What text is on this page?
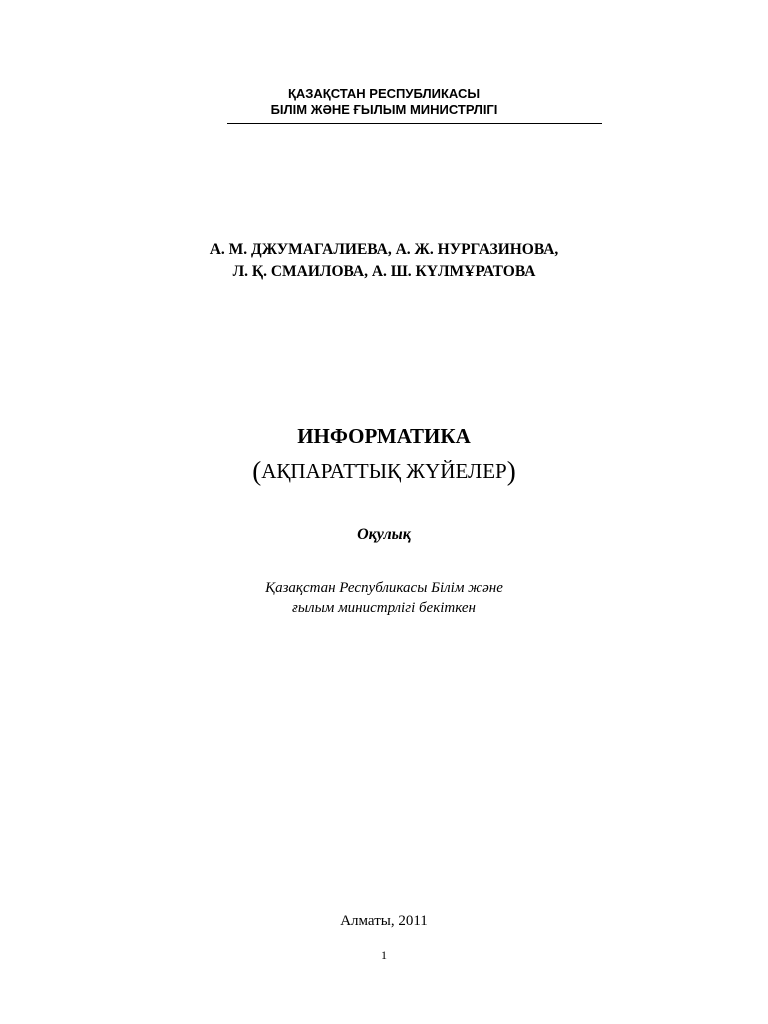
ҚАЗАҚСТАН РЕСПУБЛИКАСЫ
БІЛІМ ЖӘНЕ ҒЫЛЫМ МИНИСТРЛІГІ
А. М. ДЖУМАГАЛИЕВА, А. Ж. НУРГАЗИНОВА,
Л. Қ. СМАИЛОВА, А. Ш. КҮЛМҰРАТОВА
ИНФОРМАТИКА
(АҚПАРАТТЫҚ ЖҮЙЕЛЕР)
Оқулық
Қазақстан Республикасы Білім және
ғылым министрлігі бекіткен
Алматы, 2011
1
